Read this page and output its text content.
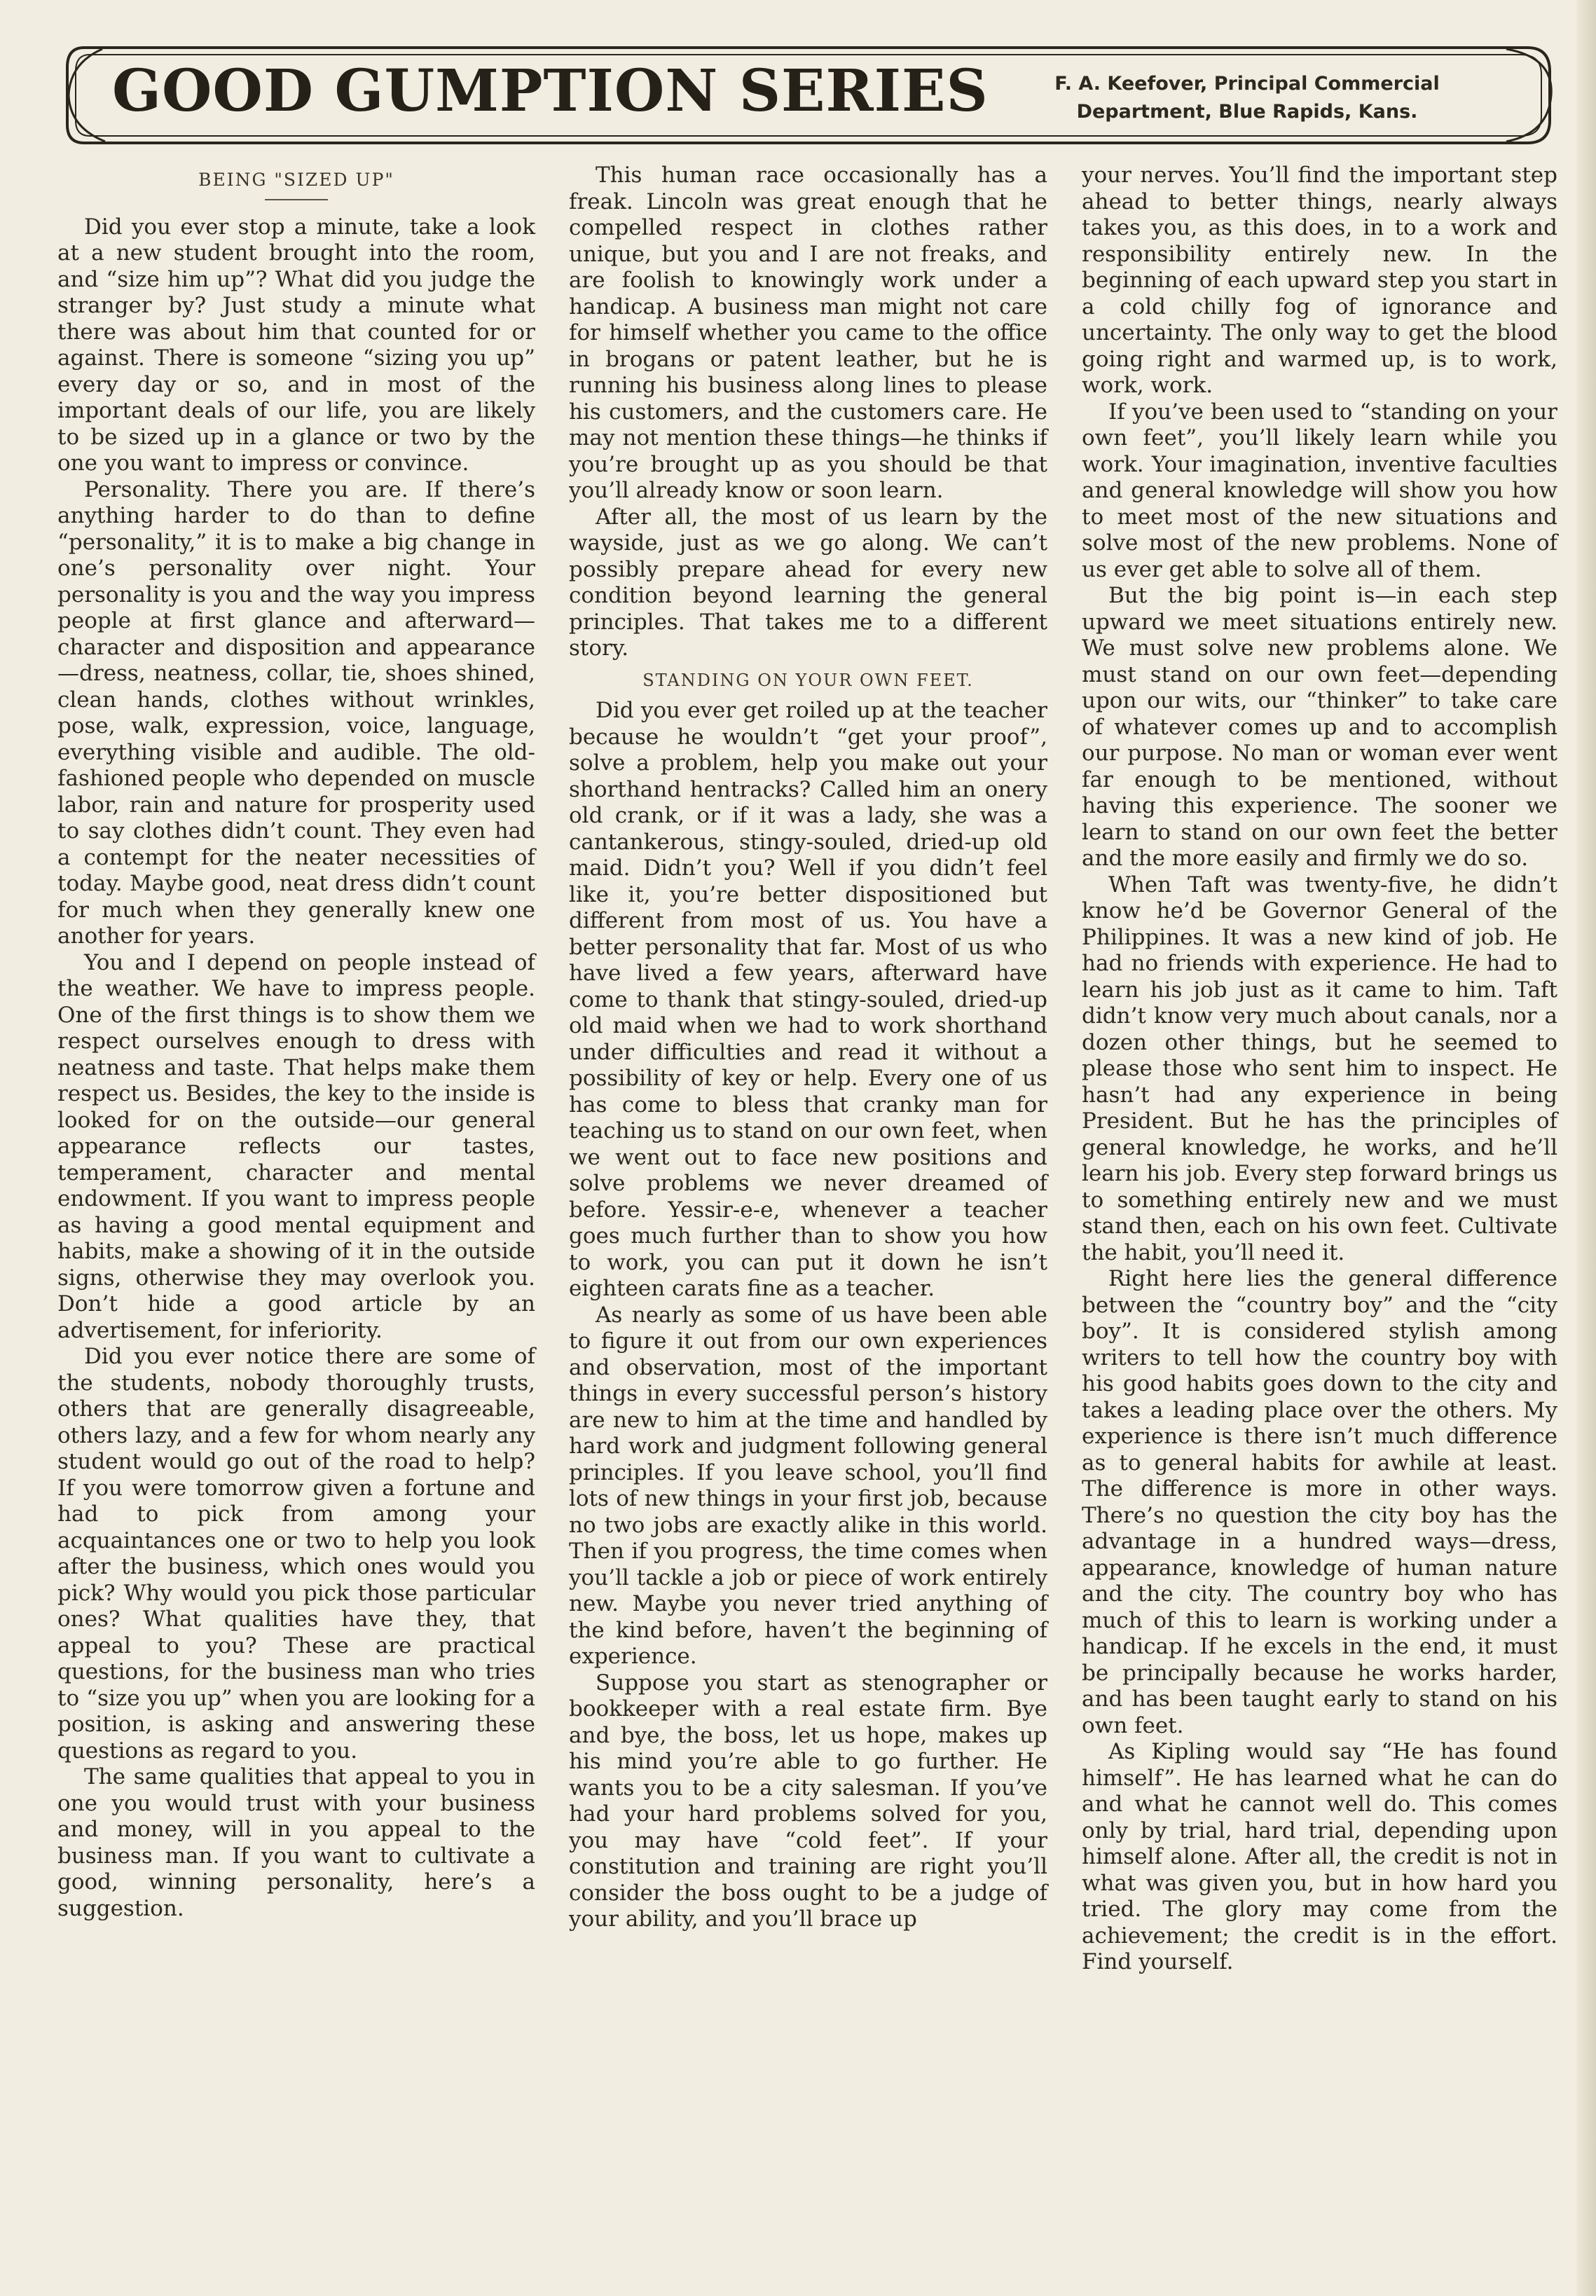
GOOD GUMPTION SERIES	F. A. Keefover, Principal Commercial
Department, Blue Rapids, Kans.
BEING "SIZED UP"

Did you ever stop a minute, take a look at a new student brought into the room, and “size him up”? What did you judge the stranger by? Just study a minute what there was about him that counted for or against. There is someone “sizing you up” every day or so, and in most of the important deals of our life, you are likely to be sized up in a glance or two by the one you want to impress or convince.

Personality. There you are. If there’s anything harder to do than to define “personality,” it is to make a big change in one’s personality over night. Your personality is you and the way you impress people at first glance and afterward—character and disposition and appearance—dress, neatness, collar, tie, shoes shined, clean hands, clothes without wrinkles, pose, walk, expression, voice, language, everything visible and audible. The old-fashioned people who depended on muscle labor, rain and nature for prosperity used to say clothes didn’t count. They even had a contempt for the neater necessities of today. Maybe good, neat dress didn’t count for much when they generally knew one another for years.

You and I depend on people instead of the weather. We have to impress people. One of the first things is to show them we respect ourselves enough to dress with neatness and taste. That helps make them respect us. Besides, the key to the inside is looked for on the outside—our general appearance reflects our tastes, temperament, character and mental endowment. If you want to impress people as having a good mental equipment and habits, make a showing of it in the outside signs, otherwise they may overlook you. Don’t hide a good article by an advertisement, for inferiority.

Did you ever notice there are some of the students, nobody thoroughly trusts, others that are generally disagreeable, others lazy, and a few for whom nearly any student would go out of the road to help? If you were tomorrow given a fortune and had to pick from among your acquaintances one or two to help you look after the business, which ones would you pick? Why would you pick those particular ones? What qualities have they, that appeal to you? These are practical questions, for the business man who tries to “size you up” when you are looking for a position, is asking and answering these questions as regard to you.

The same qualities that appeal to you in one you would trust with your business and money, will in you appeal to the business man. If you want to cultivate a good, winning personality, here’s a suggestion.

This human race occasionally has a freak. Lincoln was great enough that he compelled respect in clothes rather unique, but you and I are not freaks, and are foolish to knowingly work under a handicap. A business man might not care for himself whether you came to the office in brogans or patent leather, but he is running his business along lines to please his customers, and the customers care. He may not mention these things—he thinks if you’re brought up as you should be that you’ll already know or soon learn.

After all, the most of us learn by the wayside, just as we go along. We can’t possibly prepare ahead for every new condition beyond learning the general principles. That takes me to a different story.

STANDING ON YOUR OWN FEET.

Did you ever get roiled up at the teacher because he wouldn’t “get your proof”, solve a problem, help you make out your shorthand hentracks? Called him an onery old crank, or if it was a lady, she was a cantankerous, stingy-souled, dried-up old maid. Didn’t you? Well if you didn’t feel like it, you’re better dispositioned but different from most of us. You have a better personality that far. Most of us who have lived a few years, afterward have come to thank that stingy-souled, dried-up old maid when we had to work shorthand under difficulties and read it without a possibility of key or help. Every one of us has come to bless that cranky man for teaching us to stand on our own feet, when we went out to face new positions and solve problems we never dreamed of before. Yessir-e-e, whenever a teacher goes much further than to show you how to work, you can put it down he isn’t eighteen carats fine as a teacher.

As nearly as some of us have been able to figure it out from our own experiences and observation, most of the important things in every successful person’s history are new to him at the time and handled by hard work and judgment following general principles. If you leave school, you’ll find lots of new things in your first job, because no two jobs are exactly alike in this world. Then if you progress, the time comes when you’ll tackle a job or piece of work entirely new. Maybe you never tried anything of the kind before, haven’t the beginning of experience.

Suppose you start as stenographer or bookkeeper with a real estate firm. Bye and bye, the boss, let us hope, makes up his mind you’re able to go further. He wants you to be a city salesman. If you’ve had your hard problems solved for you, you may have “cold feet”. If your constitution and training are right you’ll consider the boss ought to be a judge of your ability, and you’ll brace up

your nerves. You’ll find the important step ahead to better things, nearly always takes you, as this does, in to a work and responsibility entirely new. In the beginning of each upward step you start in a cold chilly fog of ignorance and uncertainty. The only way to get the blood going right and warmed up, is to work, work, work.

If you’ve been used to “standing on your own feet”, you’ll likely learn while you work. Your imagination, inventive faculties and general knowledge will show you how to meet most of the new situations and solve most of the new problems. None of us ever get able to solve all of them.

But the big point is—in each step upward we meet situations entirely new. We must solve new problems alone. We must stand on our own feet—depending upon our wits, our “thinker” to take care of whatever comes up and to accomplish our purpose. No man or woman ever went far enough to be mentioned, without having this experience. The sooner we learn to stand on our own feet the better and the more easily and firmly we do so.

When Taft was twenty-five, he didn’t know he’d be Governor General of the Philippines. It was a new kind of job. He had no friends with experience. He had to learn his job just as it came to him. Taft didn’t know very much about canals, nor a dozen other things, but he seemed to please those who sent him to inspect. He hasn’t had any experience in being President. But he has the principles of general knowledge, he works, and he’ll learn his job. Every step forward brings us to something entirely new and we must stand then, each on his own feet. Cultivate the habit, you’ll need it.

Right here lies the general difference between the “country boy” and the “city boy”. It is considered stylish among writers to tell how the country boy with his good habits goes down to the city and takes a leading place over the others. My experience is there isn’t much difference as to general habits for awhile at least. The difference is more in other ways. There’s no question the city boy has the advantage in a hundred ways—dress, appearance, knowledge of human nature and the city. The country boy who has much of this to learn is working under a handicap. If he excels in the end, it must be principally because he works harder, and has been taught early to stand on his own feet.

As Kipling would say “He has found himself”. He has learned what he can do and what he cannot well do. This comes only by trial, hard trial, depending upon himself alone. After all, the credit is not in what was given you, but in how hard you tried. The glory may come from the achievement; the credit is in the effort. Find yourself.
